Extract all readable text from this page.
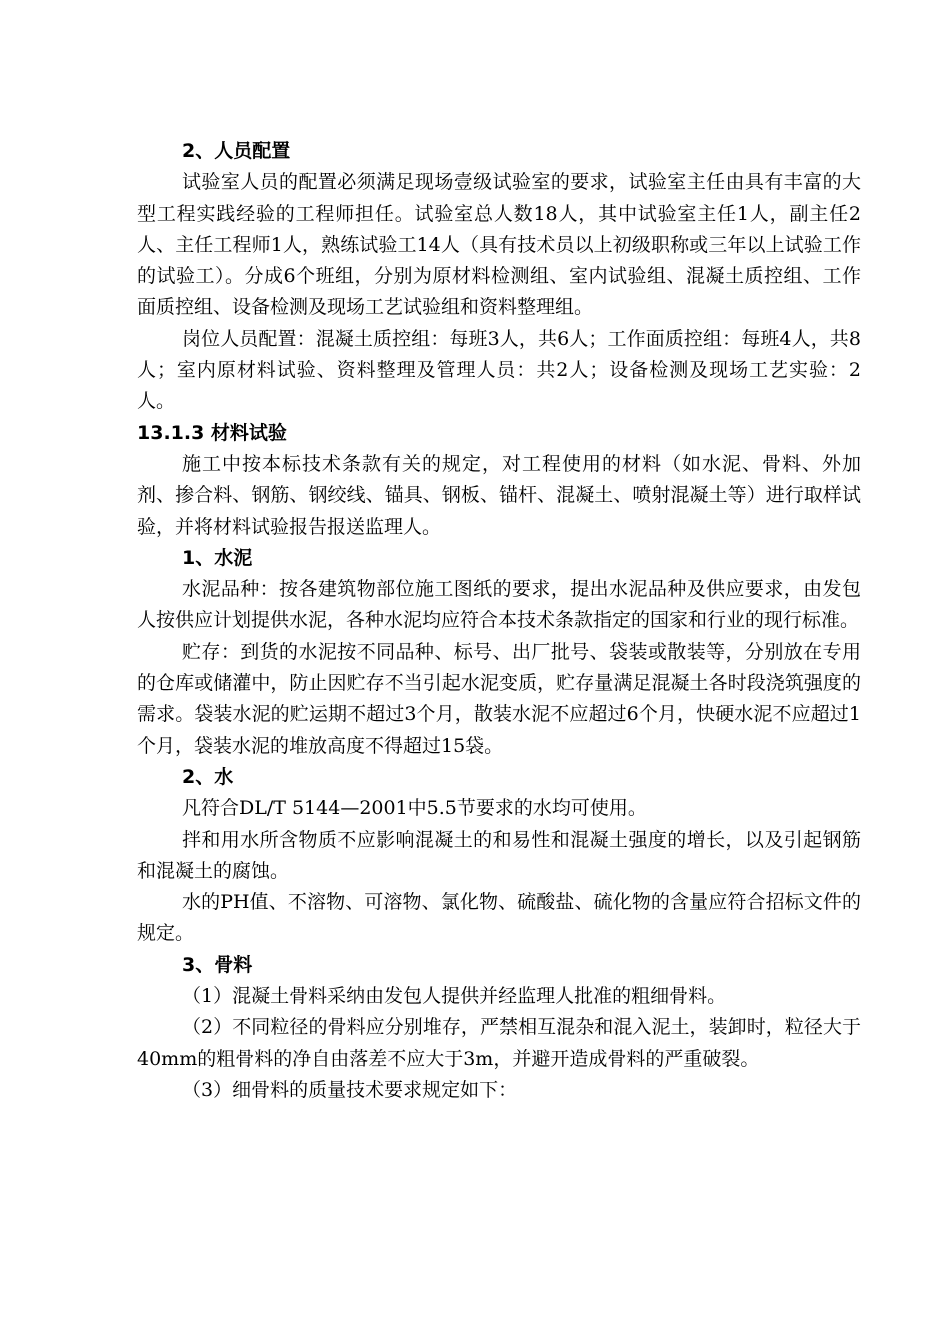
2、人员配置

试验室人员的配置必须满足现场壹级试验室的要求，试验室主任由具有丰富的大型工程实践经验的工程师担任。试验室总人数18人，其中试验室主任1人，副主任2人、主任工程师1人，熟练试验工14人（具有技术员以上初级职称或三年以上试验工作的试验工）。分成6个班组，分别为原材料检测组、室内试验组、混凝土质控组、工作面质控组、设备检测及现场工艺试验组和资料整理组。

岗位人员配置：混凝土质控组：每班3人，共6人；工作面质控组：每班4人，共8人；室内原材料试验、资料整理及管理人员：共2人；设备检测及现场工艺实验：2人。

13.1.3 材料试验

施工中按本标技术条款有关的规定，对工程使用的材料（如水泥、骨料、外加剂、掺合料、钢筋、钢绞线、锚具、钢板、锚杆、混凝土、喷射混凝土等）进行取样试验，并将材料试验报告报送监理人。

1、水泥

水泥品种：按各建筑物部位施工图纸的要求，提出水泥品种及供应要求，由发包人按供应计划提供水泥，各种水泥均应符合本技术条款指定的国家和行业的现行标准。

贮存：到货的水泥按不同品种、标号、出厂批号、袋装或散装等，分别放在专用的仓库或储灌中，防止因贮存不当引起水泥变质，贮存量满足混凝土各时段浇筑强度的需求。袋装水泥的贮运期不超过3个月，散装水泥不应超过6个月，快硬水泥不应超过1个月，袋装水泥的堆放高度不得超过15袋。

2、水

凡符合DL/T 5144—2001中5.5节要求的水均可使用。

拌和用水所含物质不应影响混凝土的和易性和混凝土强度的增长，以及引起钢筋和混凝土的腐蚀。

水的PH值、不溶物、可溶物、氯化物、硫酸盐、硫化物的含量应符合招标文件的规定。

3、骨料

（1）混凝土骨料采纳由发包人提供并经监理人批准的粗细骨料。

（2）不同粒径的骨料应分别堆存，严禁相互混杂和混入泥土，装卸时，粒径大于40mm的粗骨料的净自由落差不应大于3m，并避开造成骨料的严重破裂。

（3）细骨料的质量技术要求规定如下：
